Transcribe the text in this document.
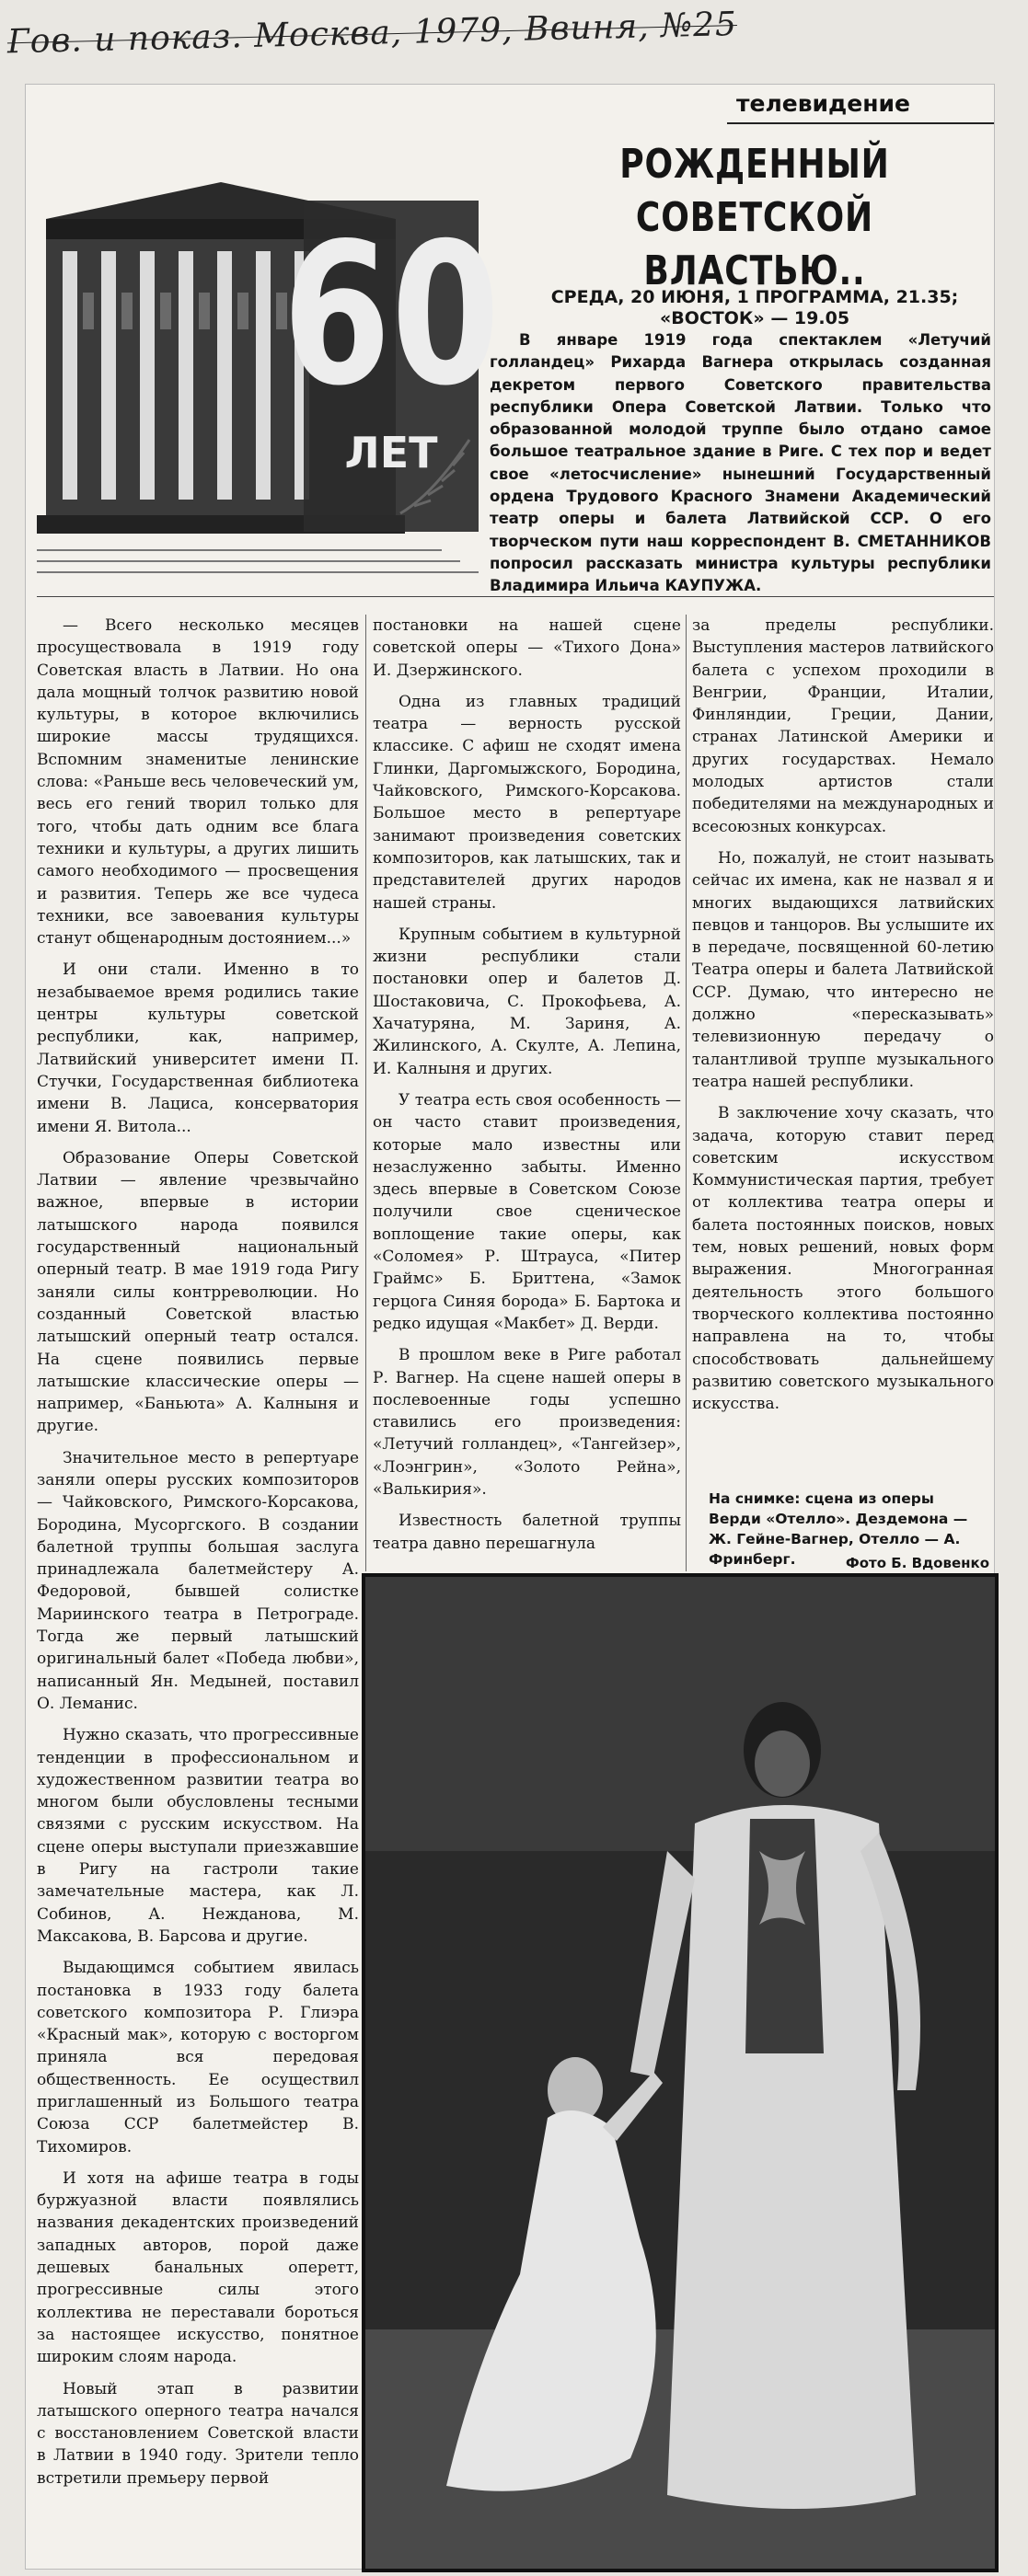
Гов. и показ. Москва, 1979, Ввиня, №25
телевидение
60
ЛЕТ
РОЖДЕННЫЙ
СОВЕТСКОЙ ВЛАСТЬЮ..
СРЕДА, 20 ИЮНЯ, 1 ПРОГРАММА, 21.35;
«ВОСТОК» — 19.05
В январе 1919 года спектаклем «Летучий голландец» Рихарда Вагнера открылась созданная декретом первого Советского правительства республики Опера Советской Латвии. Только что образованной молодой труппе было отдано самое большое театральное здание в Риге. С тех пор и ведет свое «летосчисление» нынешний Государственный ордена Трудового Красного Знамени Академический театр оперы и балета Латвийской ССР. О его творческом пути наш корреспондент В. СМЕТАННИКОВ попросил рассказать министра культуры республики Владимира Ильича КАУПУЖА.

— Всего несколько месяцев просуществовала в 1919 году Советская власть в Латвии. Но она дала мощный толчок развитию новой культуры, в которое включились широкие массы трудящихся. Вспомним знаменитые ленинские слова: «Раньше весь человеческий ум, весь его гений творил только для того, чтобы дать одним все блага техники и культуры, а других лишить самого необходимого — просвещения и развития. Теперь же все чудеса техники, все завоевания культуры станут общенародным достоянием...»

И они стали. Именно в то незабываемое время родились такие центры культуры советской республики, как, например, Латвийский университет имени П. Стучки, Государственная библиотека имени В. Лациса, консерватория имени Я. Витола...

Образование Оперы Советской Латвии — явление чрезвычайно важное, впервые в истории латышского народа появился государственный национальный оперный театр. В мае 1919 года Ригу заняли силы контрреволюции. Но созданный Советской властью латышский оперный театр остался. На сцене появились первые латышские классические оперы — например, «Баньюта» А. Калныня и другие.

Значительное место в репертуаре заняли оперы русских композиторов — Чайковского, Римского-Корсакова, Бородина, Мусоргского. В создании балетной труппы большая заслуга принадлежала балетмейстеру А. Федоровой, бывшей солистке Мариинского театра в Петрограде. Тогда же первый латышский оригинальный балет «Победа любви», написанный Ян. Медыней, поставил О. Леманис.

Нужно сказать, что прогрессивные тенденции в профессиональном и художественном развитии театра во многом были обусловлены тесными связями с русским искусством. На сцене оперы выступали приезжавшие в Ригу на гастроли такие замечательные мастера, как Л. Собинов, А. Нежданова, М. Максакова, В. Барсова и другие.

Выдающимся событием явилась постановка в 1933 году балета советского композитора Р. Глиэра «Красный мак», которую с восторгом приняла вся передовая общественность. Ее осуществил приглашенный из Большого театра Союза ССР балетмейстер В. Тихомиров.

И хотя на афише театра в годы буржуазной власти появлялись названия декадентских произведений западных авторов, порой даже дешевых банальных оперетт, прогрессивные силы этого коллектива не переставали бороться за настоящее искусство, понятное широким слоям народа.

Новый этап в развитии латышского оперного театра начался с восстановлением Советской власти в Латвии в 1940 году. Зрители тепло встретили премьеру первой

постановки на нашей сцене советской оперы — «Тихого Дона» И. Дзержинского.

Одна из главных традиций театра — верность русской классике. С афиш не сходят имена Глинки, Даргомыжского, Бородина, Чайковского, Римского-Корсакова. Большое место в репертуаре занимают произведения советских композиторов, как латышских, так и представителей других народов нашей страны.

Крупным событием в культурной жизни республики стали постановки опер и балетов Д. Шостаковича, С. Прокофьева, А. Хачатуряна, М. Зариня, А. Жилинского, А. Скулте, А. Лепина, И. Калныня и других.

У театра есть своя особенность — он часто ставит произведения, которые мало известны или незаслуженно забыты. Именно здесь впервые в Советском Союзе получили свое сценическое воплощение такие оперы, как «Соломея» Р. Штрауса, «Питер Граймс» Б. Бриттена, «Замок герцога Синяя борода» Б. Бартока и редко идущая «Макбет» Д. Верди.

В прошлом веке в Риге работал Р. Вагнер. На сцене нашей оперы в послевоенные годы успешно ставились его произведения: «Летучий голландец», «Тангейзер», «Лоэнгрин», «Золото Рейна», «Валькирия».

Известность балетной труппы театра давно перешагнула

за пределы республики. Выступления мастеров латвийского балета с успехом проходили в Венгрии, Франции, Италии, Финляндии, Греции, Дании, странах Латинской Америки и других государствах. Немало молодых артистов стали победителями на международных и всесоюзных конкурсах.

Но, пожалуй, не стоит называть сейчас их имена, как не назвал я и многих выдающихся латвийских певцов и танцоров. Вы услышите их в передаче, посвященной 60-летию Театра оперы и балета Латвийской ССР. Думаю, что интересно не должно «пересказывать» телевизионную передачу о талантливой труппе музыкального театра нашей республики.

В заключение хочу сказать, что задача, которую ставит перед советским искусством Коммунистическая партия, требует от коллектива театра оперы и балета постоянных поисков, новых тем, новых решений, новых форм выражения. Многогранная деятельность этого большого творческого коллектива постоянно направлена на то, чтобы способствовать дальнейшему развитию советского музыкального искусства.

На снимке: сцена из оперы Верди «Отелло». Дездемона — Ж. Гейне-Вагнер, Отелло — А. Фринберг.	Фото Б. Вдовенко
